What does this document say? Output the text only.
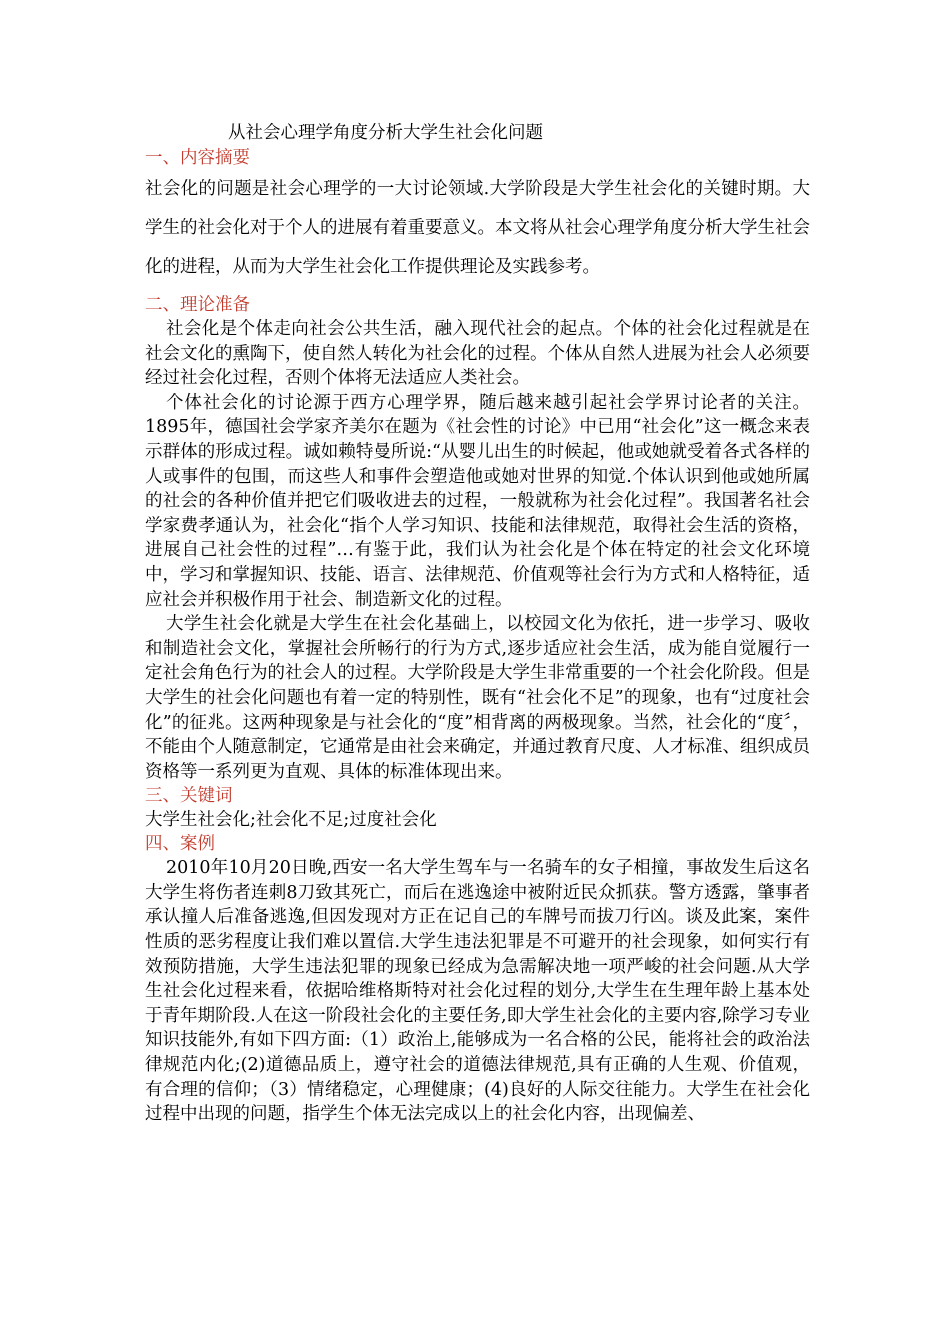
从社会心理学角度分析大学生社会化问题
一、内容摘要
社会化的问题是社会心理学的一大讨论领域.大学阶段是大学生社会化的关键时期。大学生的社会化对于个人的进展有着重要意义。本文将从社会心理学角度分析大学生社会化的进程，从而为大学生社会化工作提供理论及实践参考。
二、理论准备
社会化是个体走向社会公共生活，融入现代社会的起点。个体的社会化过程就是在社会文化的熏陶下，使自然人转化为社会化的过程。个体从自然人进展为社会人必须要经过社会化过程，否则个体将无法适应人类社会。
个体社会化的讨论源于西方心理学界，随后越来越引起社会学界讨论者的关注。1895年，德国社会学家齐美尔在题为《社会性的讨论》中已用“社会化”这一概念来表示群体的形成过程。诚如赖特曼所说:“从婴儿出生的时候起，他或她就受着各式各样的人或事件的包围，而这些人和事件会塑造他或她对世界的知觉.个体认识到他或她所属的社会的各种价值并把它们吸收进去的过程，一般就称为社会化过程”。我国著名社会学家费孝通认为，社会化“指个人学习知识、技能和法律规范，取得社会生活的资格，进展自己社会性的过程”…有鉴于此，我们认为社会化是个体在特定的社会文化环境中，学习和掌握知识、技能、语言、法律规范、价值观等社会行为方式和人格特征，适应社会并积极作用于社会、制造新文化的过程。
大学生社会化就是大学生在社会化基础上，以校园文化为依托，进一步学习、吸收和制造社会文化，掌握社会所畅行的行为方式,逐步适应社会生活，成为能自觉履行一定社会角色行为的社会人的过程。大学阶段是大学生非常重要的一个社会化阶段。但是大学生的社会化问题也有着一定的特别性，既有“社会化不足”的现象，也有“过度社会化”的征兆。这两种现象是与社会化的“度”相背离的两极现象。当然，社会化的“度〞，不能由个人随意制定，它通常是由社会来确定，并通过教育尺度、人才标准、组织成员资格等一系列更为直观、具体的标准体现出来。
三、关键词
大学生社会化;社会化不足;过度社会化
四、案例
2010年10月20日晚,西安一名大学生驾车与一名骑车的女子相撞，事故发生后这名大学生将伤者连刺8刀致其死亡，而后在逃逸途中被附近民众抓获。警方透露，肇事者承认撞人后准备逃逸,但因发现对方正在记自己的车牌号而拔刀行凶。谈及此案，案件性质的恶劣程度让我们难以置信.大学生违法犯罪是不可避开的社会现象，如何实行有效预防措施，大学生违法犯罪的现象已经成为急需解决地一项严峻的社会问题.从大学生社会化过程来看，依据哈维格斯特对社会化过程的划分,大学生在生理年龄上基本处于青年期阶段.人在这一阶段社会化的主要任务,即大学生社会化的主要内容,除学习专业知识技能外,有如下四方面:（1）政治上,能够成为一名合格的公民，能将社会的政治法律规范内化;(2)道德品质上，遵守社会的道德法律规范,具有正确的人生观、价值观，有合理的信仰；（3）情绪稳定，心理健康；(4)良好的人际交往能力。大学生在社会化过程中出现的问题，指学生个体无法完成以上的社会化内容，出现偏差、
